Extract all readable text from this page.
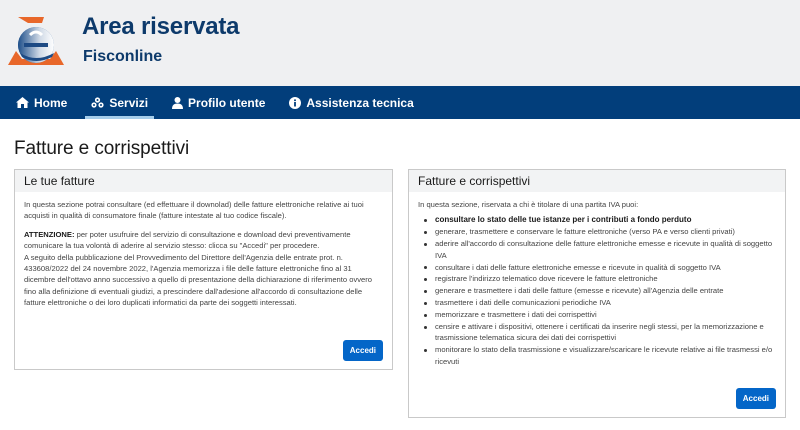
Area riservata
Fisconline
Home	Servizi	Profilo utente	Assistenza tecnica
Fatture e corrispettivi
Le tue fatture

In questa sezione potrai consultare (ed effettuare il downolad) delle fatture elettroniche relative ai tuoi acquisti in qualità di consumatore finale (fatture intestate al tuo codice fiscale).

ATTENZIONE: per poter usufruire del servizio di consultazione e download devi preventivamente comunicare la tua volontà di aderire al servizio stesso: clicca su "Accedi" per procedere.
A seguito della pubblicazione del Provvedimento del Direttore dell'Agenzia delle entrate prot. n. 433608/2022 del 24 novembre 2022, l'Agenzia memorizza i file delle fatture elettroniche fino al 31 dicembre dell'ottavo anno successivo a quello di presentazione della dichiarazione di riferimento ovvero fino alla definizione di eventuali giudizi, a prescindere dall'adesione all'accordo di consultazione delle fatture elettroniche o dei loro duplicati informatici da parte dei soggetti interessati.
Accedi
Fatture e corrispettivi
In questa sezione, riservata a chi è titolare di una partita IVA puoi:
consultare lo stato delle tue istanze per i contributi a fondo perduto
generare, trasmettere e conservare le fatture elettroniche (verso PA e verso clienti privati)
aderire all'accordo di consultazione delle fatture elettroniche emesse e ricevute in qualità di soggetto IVA
consultare i dati delle fatture elettroniche emesse e ricevute in qualità di soggetto IVA
registrare l'indirizzo telematico dove ricevere le fatture elettroniche
generare e trasmettere i dati delle fatture (emesse e ricevute) all'Agenzia delle entrate
trasmettere i dati delle comunicazioni periodiche IVA
memorizzare e trasmettere i dati dei corrispettivi
censire e attivare i dispositivi, ottenere i certificati da inserire negli stessi, per la memorizzazione e trasmissione telematica sicura dei dati dei corrispettivi
monitorare lo stato della trasmissione e visualizzare/scaricare le ricevute relative ai file trasmessi e/o ricevuti
Accedi
